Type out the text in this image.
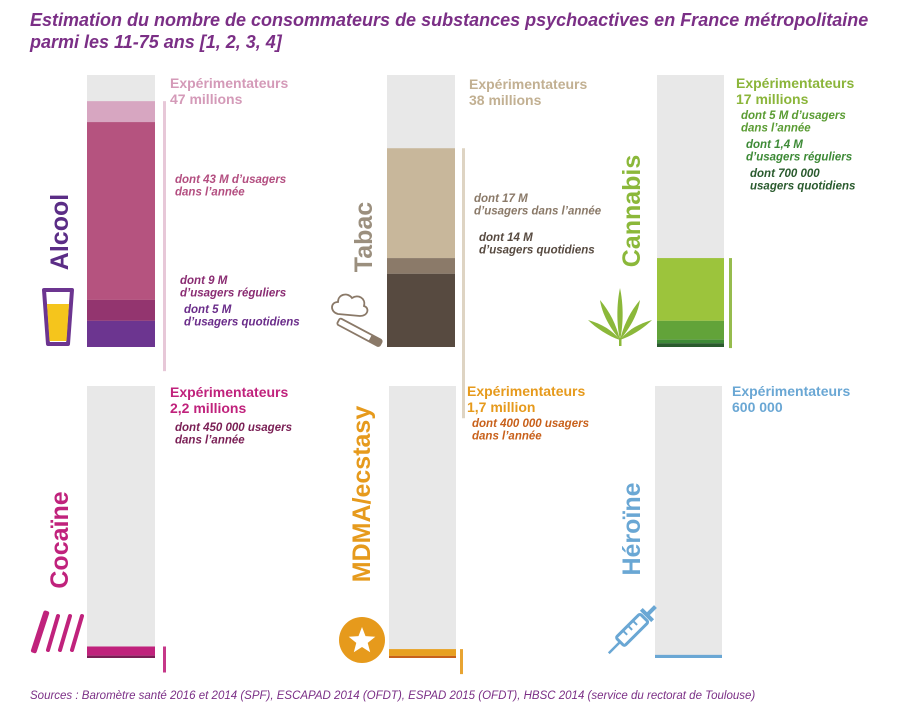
Estimation du nombre de consommateurs de substances psychoactives en France métropolitaine parmi les 11-75 ans [1, 2, 3, 4]
Expérimentateurs
47 millions
dont 43 M d’usagers
dans l’année
dont 9 M
d’usagers réguliers
dont 5 M
d’usagers quotidiens
Alcool
Expérimentateurs
38 millions
dont 17 M
d’usagers dans l’année
dont 14 M
d’usagers quotidiens
Tabac
Expérimentateurs
17 millions
dont 5 M d’usagers
dans l’année
dont 1,4 M
d’usagers réguliers
dont 700 000
usagers quotidiens
Cannabis
Expérimentateurs
2,2 millions
dont 450 000 usagers
dans l’année
Cocaïne
Expérimentateurs
1,7 million
dont 400 000 usagers
dans l’année
MDMA/ecstasy
Expérimentateurs
600 000
Héroïne
Sources : Baromètre santé 2016 et 2014 (SPF), ESCAPAD 2014 (OFDT), ESPAD 2015 (OFDT), HBSC 2014 (service du rectorat de Toulouse)
